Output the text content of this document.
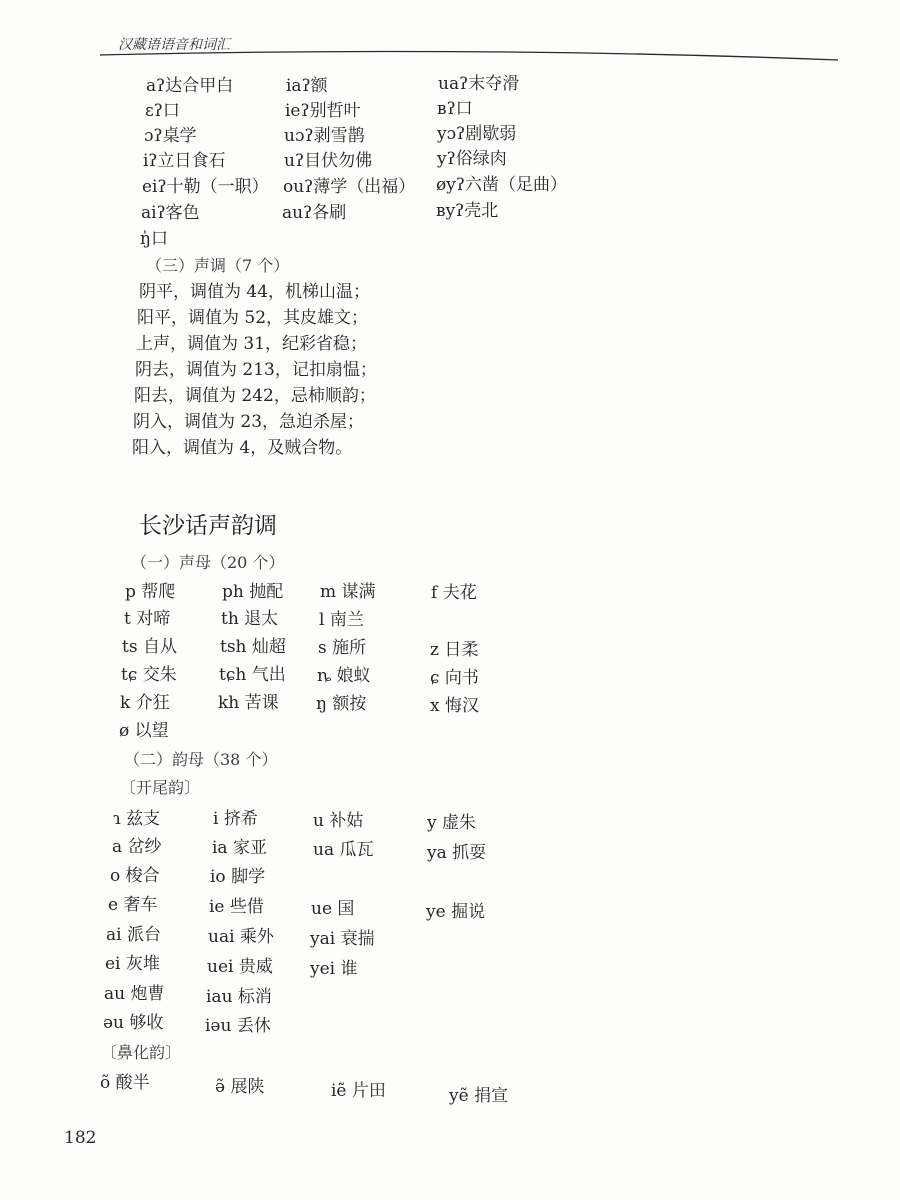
汉藏语语音和词汇
aʔ达合甲白	iaʔ额	uaʔ末夺滑
ɛʔ口	ieʔ别哲叶	ʙʔ口
ɔʔ桌学	uɔʔ剥雪鹊	yɔʔ剧歇弱
iʔ立日食石	uʔ目伏勿佛	yʔ俗绿肉
eiʔ十勒（一职） ouʔ薄学（出福） øyʔ六凿（足曲）
aiʔ客色	auʔ各刷	ʙyʔ壳北
ŋ̍口
（三）声调（7 个）
阴平，调值为 44，机梯山温；
阳平，调值为 52，其皮雄文；
上声，调值为 31，纪彩省稳；
阴去，调值为 213，记扣扇愠；
阳去，调值为 242，忌柿顺韵；
阴入，调值为 23，急迫杀屋；
阳入，调值为 4，及贼合物。
长沙话声韵调
（一）声母（20 个）
p 帮爬	ph 抛配 m 谋满	f 夫花
t 对啼	th 退太 l 南兰
ts 自从	tsh 灿超 s 施所	z 日柔
tɕ 交朱 tɕh 气出 ȵ 娘蚁	ɕ 向书
k 介狂	kh 苦课 ŋ 额按	x 悔汉
ø 以望
（二）韵母（38 个）
〔开尾韵〕
ɿ 兹支	i 挤希	u 补姑	y 虚朱
a 岔纱	ia 家亚	ua 瓜瓦	ya 抓耍
o 梭合	io 脚学
e 奢车	ie 些借	ue 国	ye 掘说
ai 派台	uai 乘外 yai 衰揣
ei 灰堆	uei 贵威 yei 谁
au 炮曹 iau 标消
əu 够收 iəu 丢休
〔鼻化韵〕
õ 酸半	ə̃ 展陕	iẽ 片田	yẽ 捐宣
182
